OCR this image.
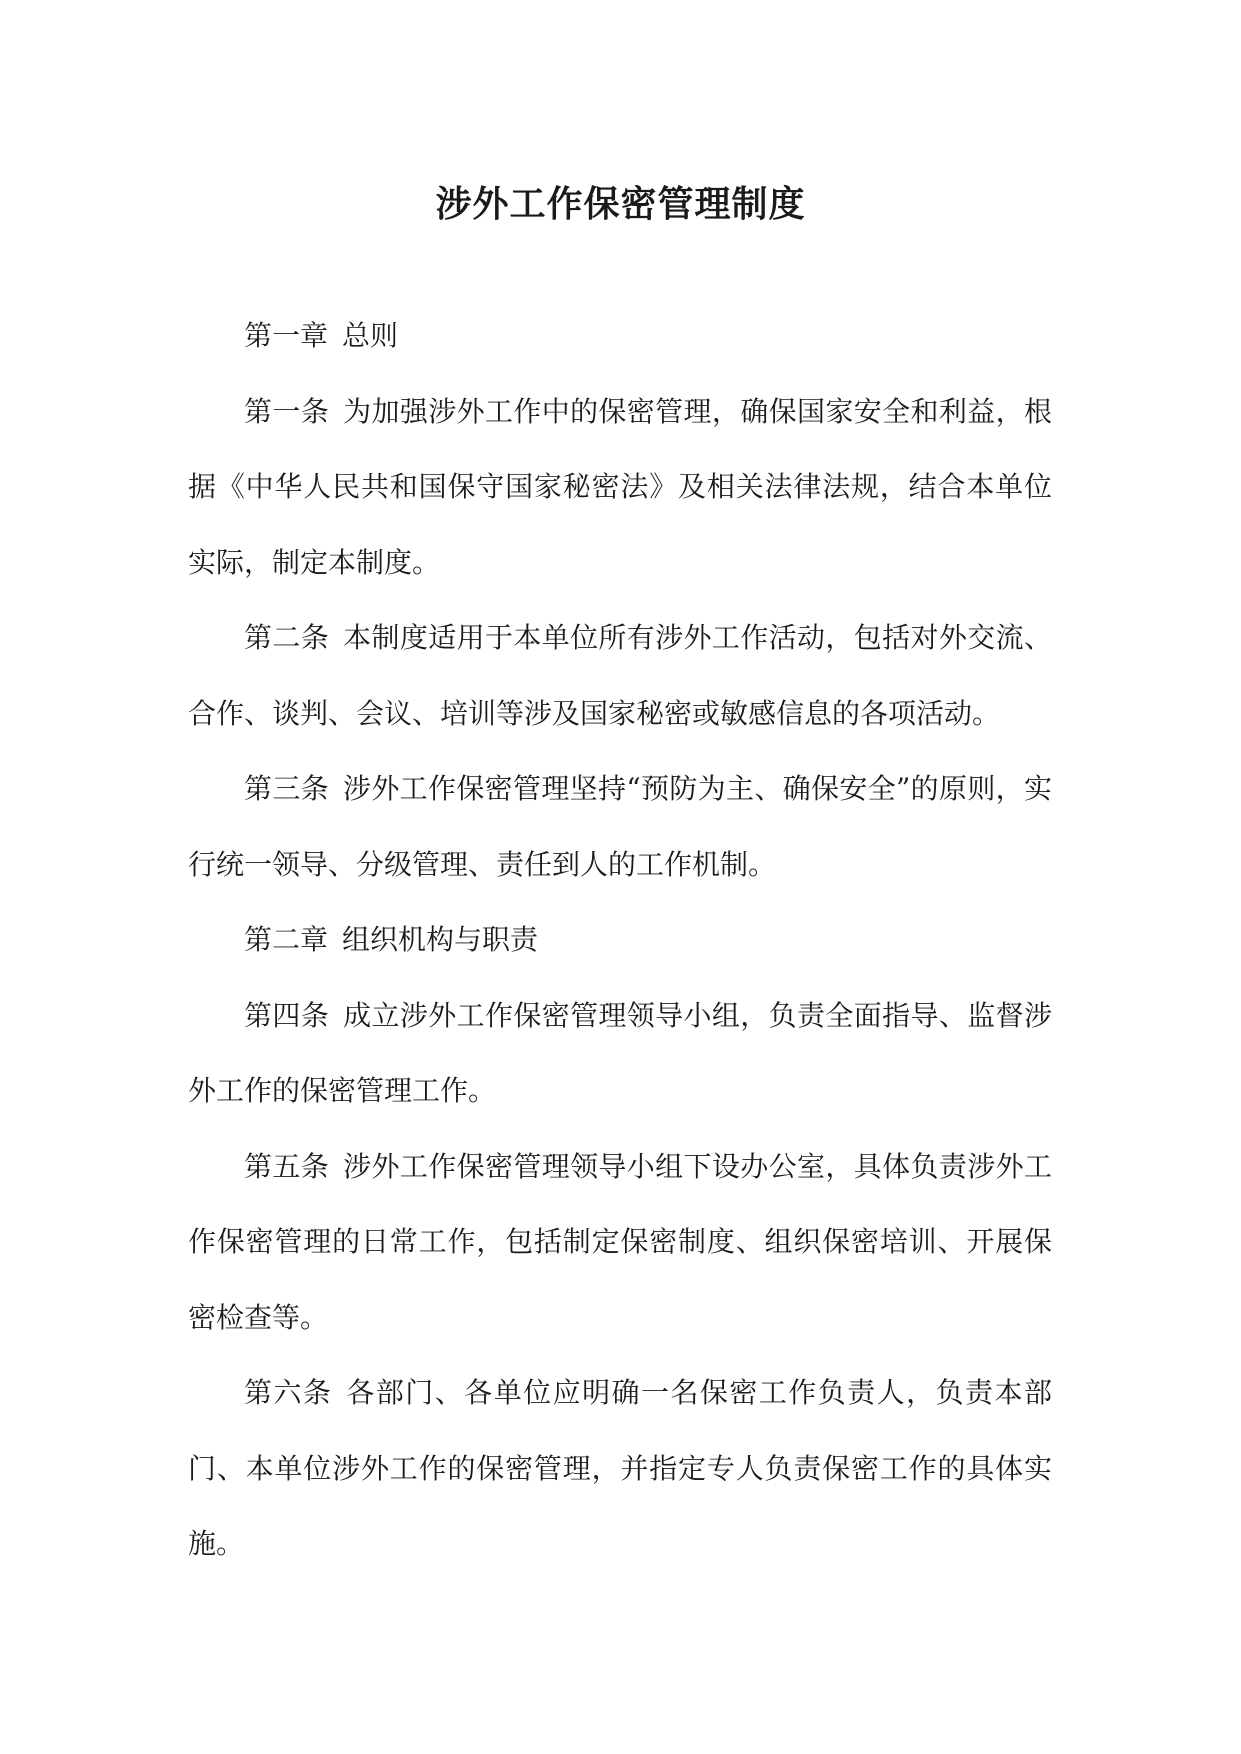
涉外工作保密管理制度

第一章 总则

第一条 为加强涉外工作中的保密管理，确保国家安全和利益，根据《中华人民共和国保守国家秘密法》及相关法律法规，结合本单位实际，制定本制度。

第二条 本制度适用于本单位所有涉外工作活动，包括对外交流、合作、谈判、会议、培训等涉及国家秘密或敏感信息的各项活动。

第三条 涉外工作保密管理坚持“预防为主、确保安全”的原则，实行统一领导、分级管理、责任到人的工作机制。

第二章 组织机构与职责

第四条 成立涉外工作保密管理领导小组，负责全面指导、监督涉外工作的保密管理工作。

第五条 涉外工作保密管理领导小组下设办公室，具体负责涉外工作保密管理的日常工作，包括制定保密制度、组织保密培训、开展保密检查等。

第六条 各部门、各单位应明确一名保密工作负责人，负责本部门、本单位涉外工作的保密管理，并指定专人负责保密工作的具体实施。
